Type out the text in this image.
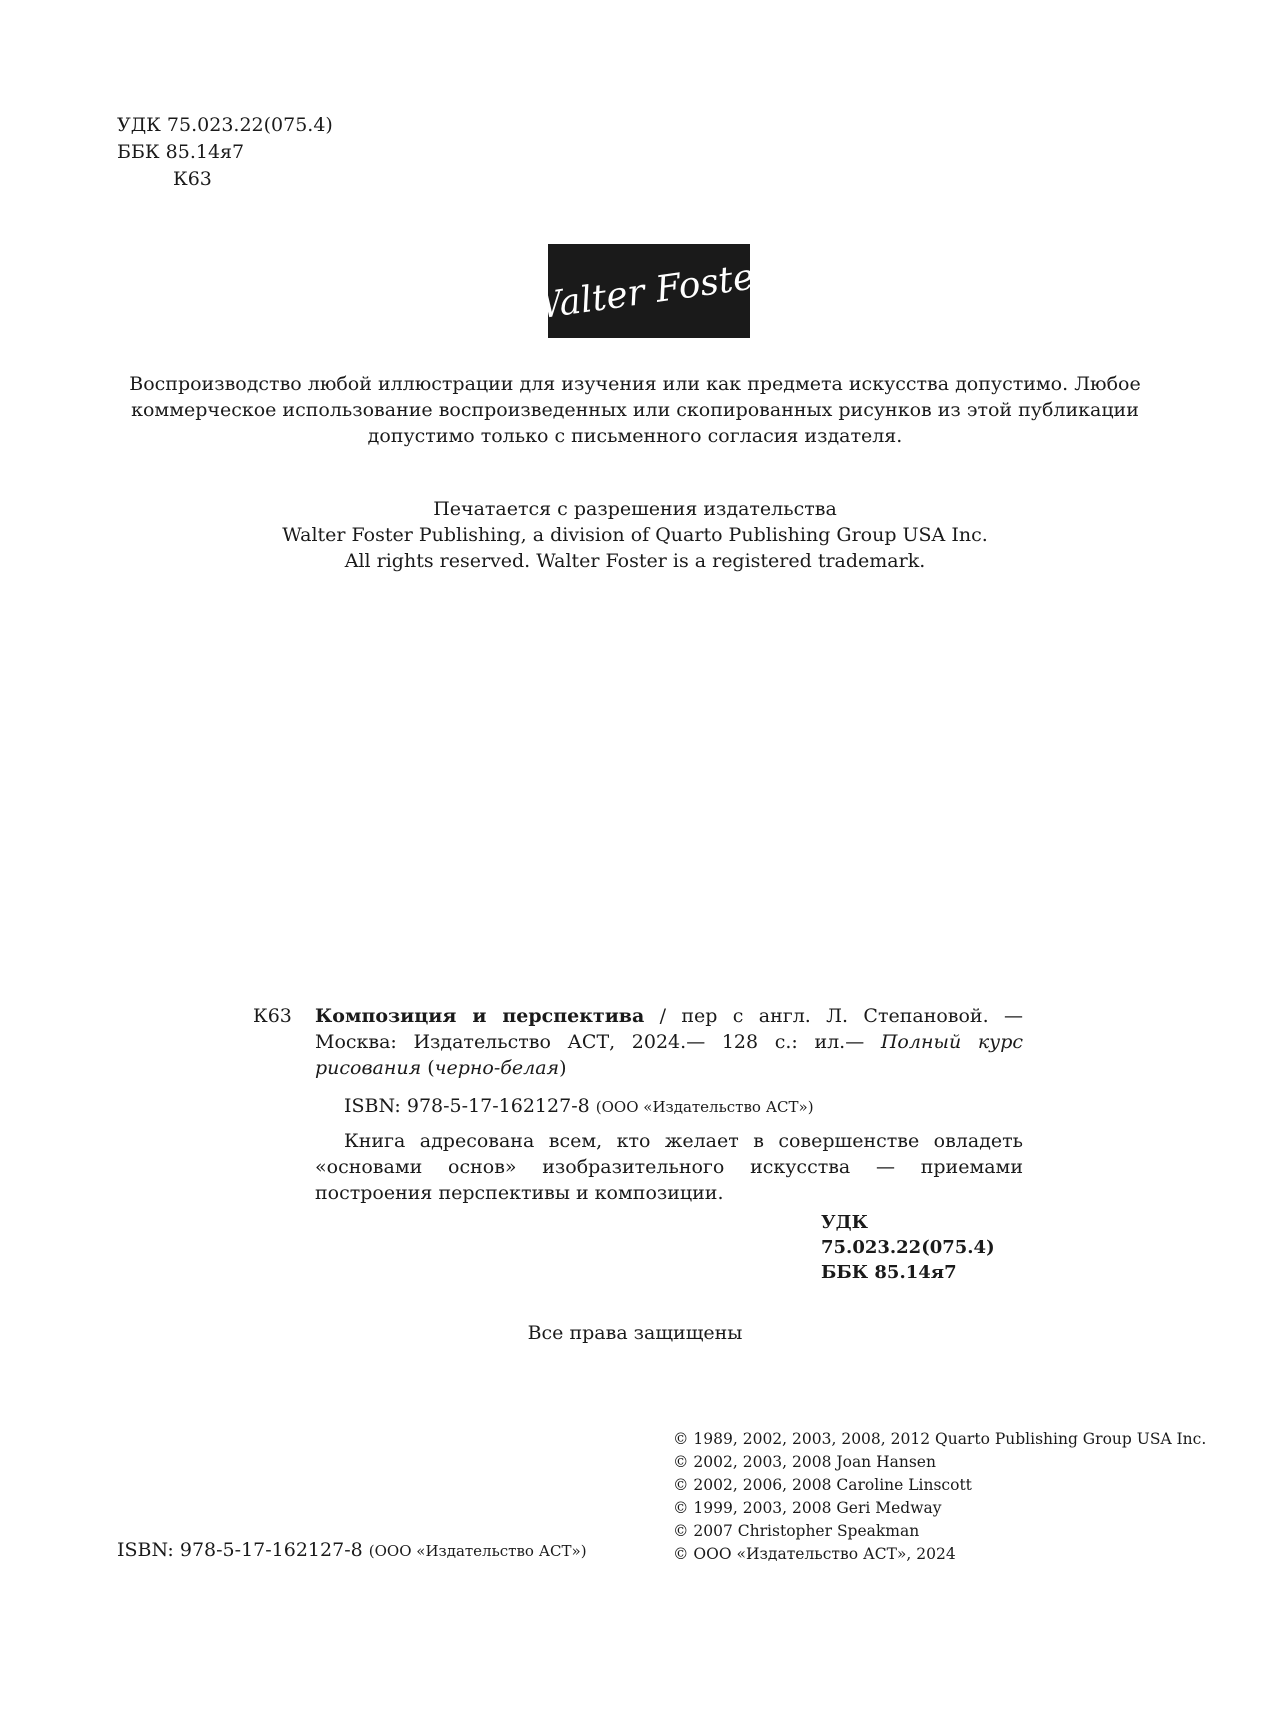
УДК 75.023.22(075.4)
ББК 85.14я7
К63
Walter Foster
Воспроизводство любой иллюстрации для изучения или как предмета искусства допустимо. Любое
коммерческое использование воспроизведенных или скопированных рисунков из этой публикации
допустимо только с письменного согласия издателя.
Печатается с разрешения издательства
Walter Foster Publishing, a division of Quarto Publishing Group USA Inc.
All rights reserved. Walter Foster is a registered trademark.
К63 Композиция и перспектива / пер с англ. Л. Степановой. — Москва: Издательство АСТ, 2024.— 128 с.: ил.— Полный курс рисования (черно-белая)
ISBN: 978-5-17-162127-8 (ООО «Издательство АСТ»)
Книга адресована всем, кто желает в совершенстве овладеть «основами основ» изобразительного искусства — приемами построения перспективы и композиции.
УДК 75.023.22(075.4)
ББК 85.14я7
Все права защищены
© 1989, 2002, 2003, 2008, 2012 Quarto Publishing Group USA Inc.
© 2002, 2003, 2008 Joan Hansen
© 2002, 2006, 2008 Caroline Linscott
© 1999, 2003, 2008 Geri Medway
© 2007 Christopher Speakman
© ООО «Издательство АСТ», 2024
ISBN: 978-5-17-162127-8 (ООО «Издательство АСТ»)
